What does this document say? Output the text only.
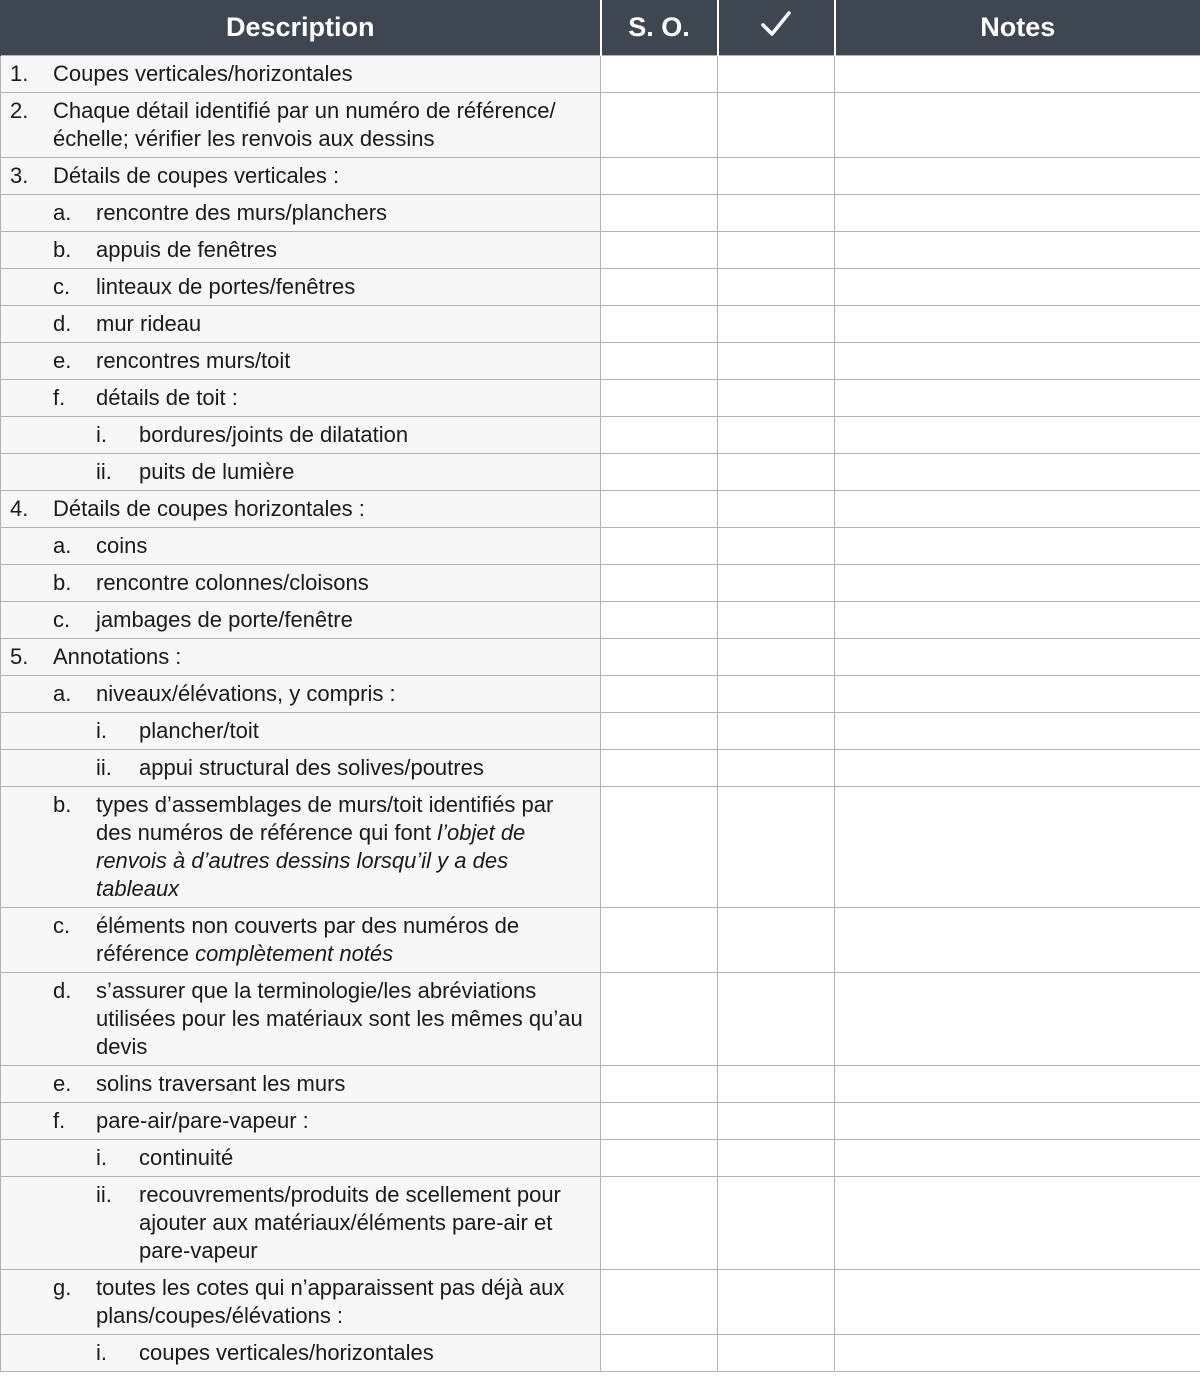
Description	S. O.		Notes

1. Coupes verticales/horizontales			

2. Chaque détail identifié par un numéro de référence/échelle; vérifier les renvois aux dessins			

3. Détails de coupes verticales :			

a. rencontre des murs/planchers			

b. appuis de fenêtres			

c. linteaux de portes/fenêtres			

d. mur rideau			

e. rencontres murs/toit			

f. détails de toit :			

i. bordures/joints de dilatation			

ii. puits de lumière			

4. Détails de coupes horizontales :			

a. coins			

b. rencontre colonnes/cloisons			

c. jambages de porte/fenêtre			

5. Annotations :			

a. niveaux/élévations, y compris :			

i. plancher/toit			

ii. appui structural des solives/poutres			

b. types d’assemblages de murs/toit identifiés par des numéros de référence qui font l’objet de renvois à d’autres dessins lorsqu’il y a des tableaux			

c. éléments non couverts par des numéros de référence complètement notés			

d. s’assurer que la terminologie/les abréviations utilisées pour les matériaux sont les mêmes qu’au devis			

e. solins traversant les murs			

f. pare-air/pare-vapeur :			

i. continuité			

ii. recouvrements/produits de scellement pour ajouter aux matériaux/éléments pare-air et pare-vapeur			

g. toutes les cotes qui n’apparaissent pas déjà aux plans/coupes/élévations :			

i. coupes verticales/horizontales			
